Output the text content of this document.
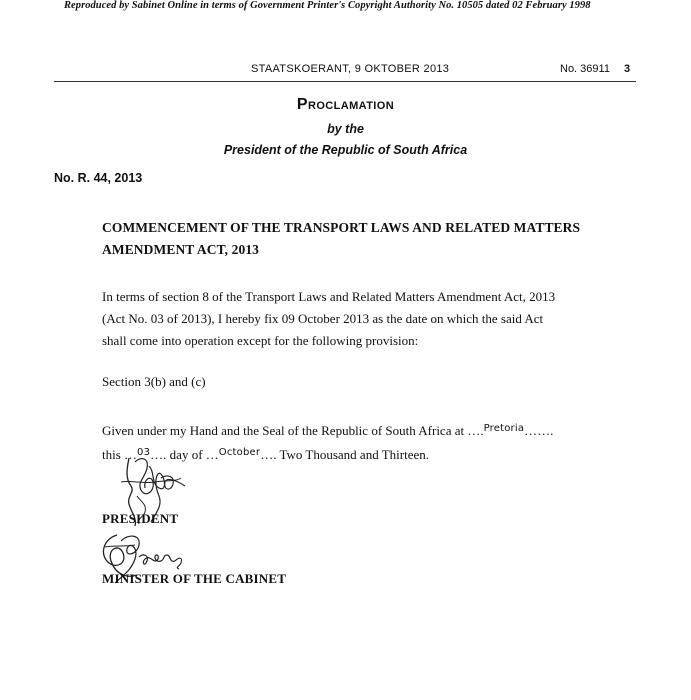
Reproduced by Sabinet Online in terms of Government Printer's Copyright Authority No. 10505 dated 02 February 1998
STAATSKOERANT, 9 OKTOBER 2013	No. 36911 3
Proclamation
by the
President of the Republic of South Africa
No. R. 44, 2013
COMMENCEMENT OF THE TRANSPORT LAWS AND RELATED MATTERS
AMENDMENT ACT, 2013
In terms of section 8 of the Transport Laws and Related Matters Amendment Act, 2013
(Act No. 03 of 2013), I hereby fix 09 October 2013 as the date on which the said Act
shall come into operation except for the following provision:
Section 3(b) and (c)
Given under my Hand and the Seal of the Republic of South Africa at ….$^{Pretoria}$…….
this …$^{03}$…. day of …$^{October}$…. Two Thousand and Thirteen.
PRESIDENT
MINISTER OF THE CABINET
